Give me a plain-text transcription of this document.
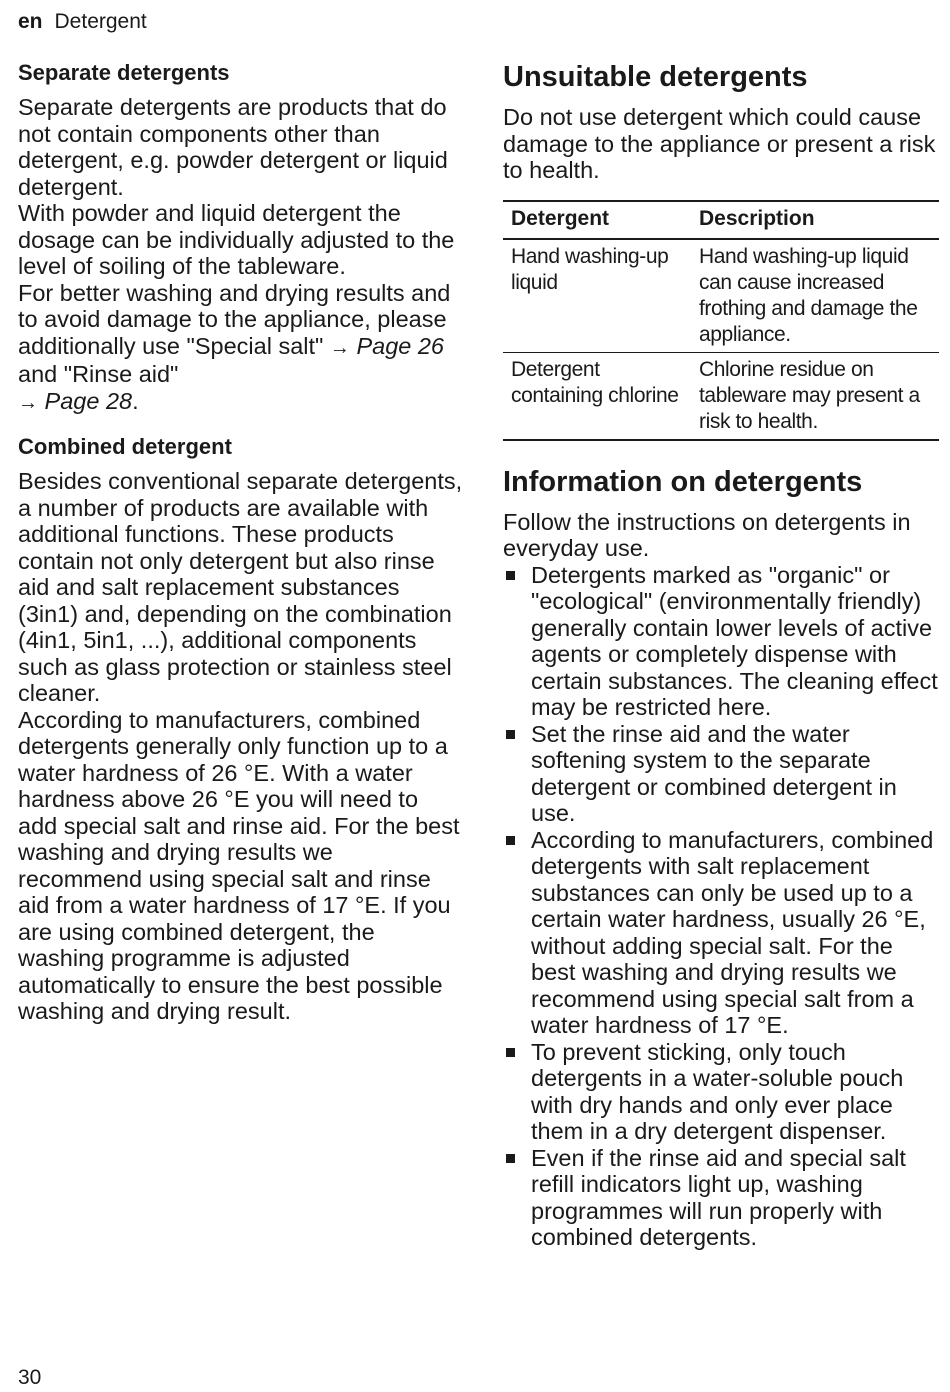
en Detergent
Separate detergents

Separate detergents are products that do not contain components other than detergent, e.g. powder detergent or liquid detergent.

With powder and liquid detergent the dosage can be individually adjusted to the level of soiling of the tableware.

For better washing and drying results and to avoid damage to the appliance, please additionally use "Special salt" → Page 26 and "Rinse aid"
→ Page 28.

Combined detergent

Besides conventional separate detergents, a number of products are available with additional functions. These products contain not only detergent but also rinse aid and salt replacement substances (3in1) and, depending on the combination (4in1, 5in1, ...), additional components such as glass protection or stainless steel cleaner.

According to manufacturers, combined detergents generally only function up to a water hardness of 26 °E. With a water hardness above 26 °E you will need to add special salt and rinse aid. For the best washing and drying results we recommend using special salt and rinse aid from a water hardness of 17 °E. If you are using combined detergent, the washing programme is adjusted automatically to ensure the best possible washing and drying result.

Unsuitable detergents

Do not use detergent which could cause damage to the appliance or present a risk to health.

Detergent	Description
Hand washing-up liquid	Hand washing-up liquid can cause increased frothing and damage the appliance.
Detergent containing chlorine	Chlorine residue on tableware may present a risk to health.
Information on detergents

Follow the instructions on detergents in everyday use.

Detergents marked as "organic" or "ecological" (environmentally friendly) generally contain lower levels of active agents or completely dispense with certain substances. The cleaning effect may be restricted here.
Set the rinse aid and the water softening system to the separate detergent or combined detergent in use.
According to manufacturers, combined detergents with salt replacement substances can only be used up to a certain water hardness, usually 26 °E, without adding special salt. For the best washing and drying results we recommend using special salt from a water hardness of 17 °E.
To prevent sticking, only touch detergents in a water-soluble pouch with dry hands and only ever place them in a dry detergent dispenser.
Even if the rinse aid and special salt refill indicators light up, washing programmes will run properly with combined detergents.
30
